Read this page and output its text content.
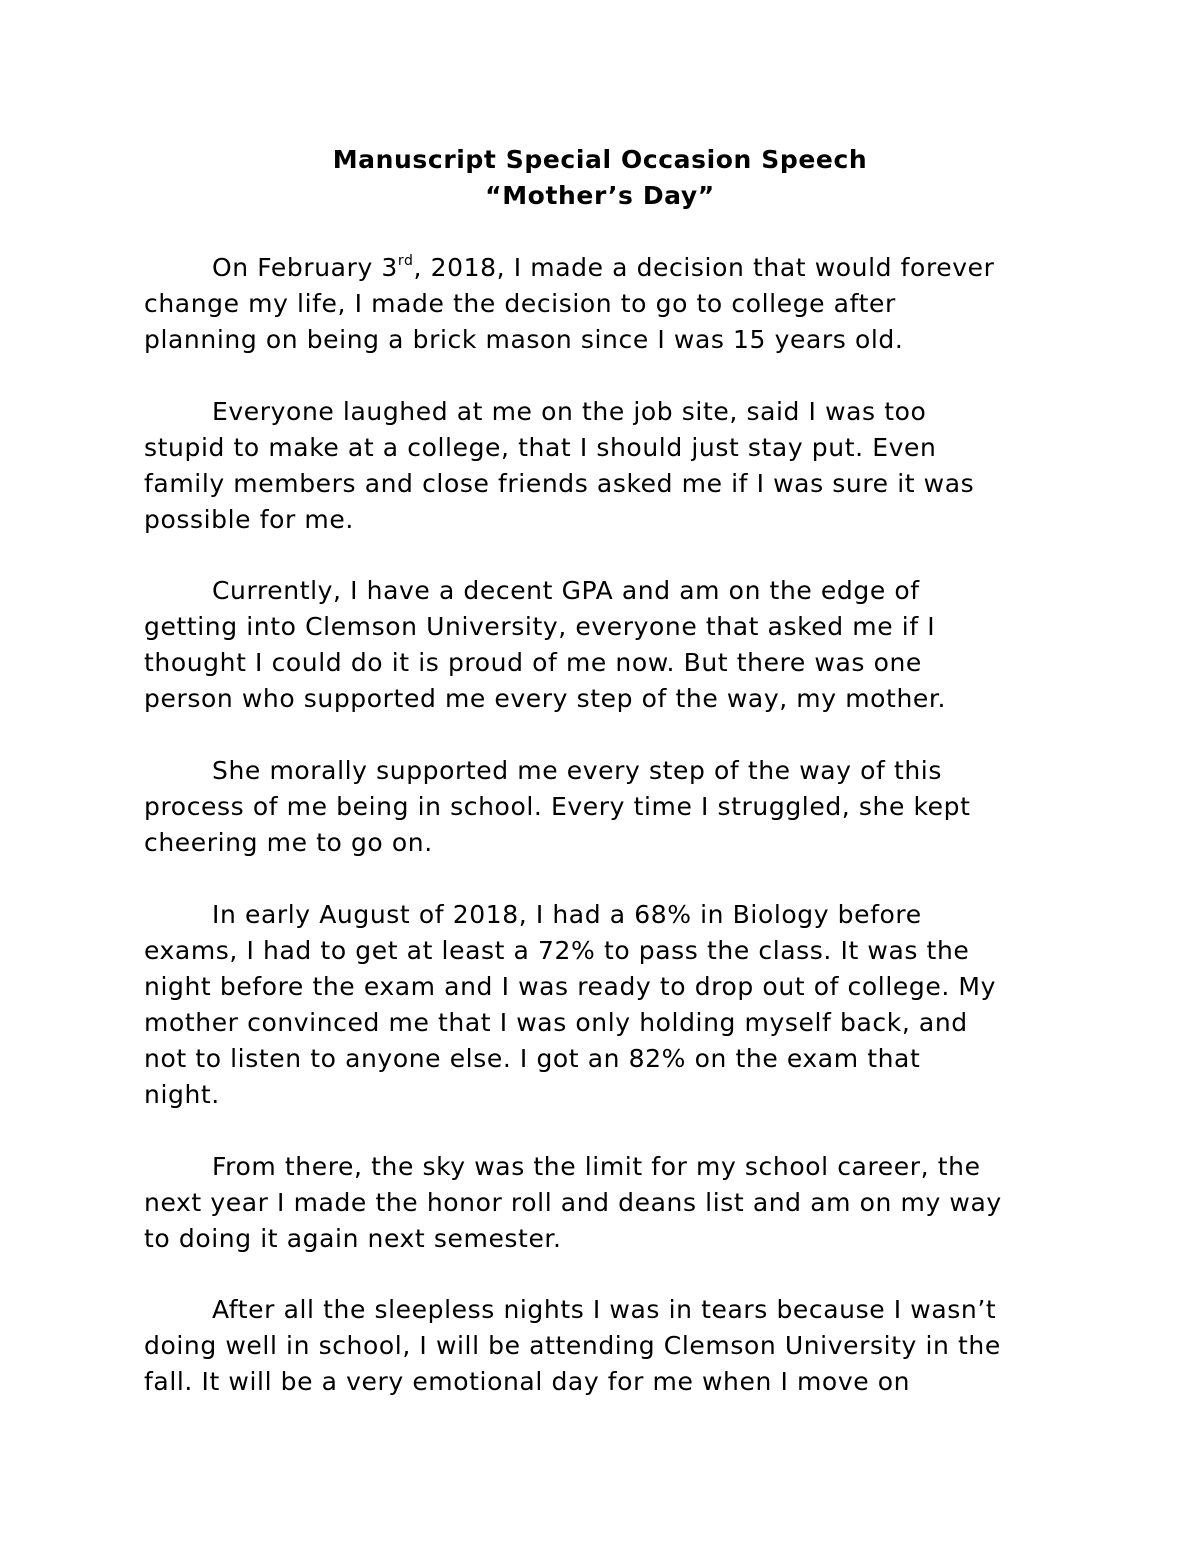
Manuscript Special Occasion Speech
“Mother’s Day”
On February 3rd, 2018, I made a decision that would forever
change my life, I made the decision to go to college after
planning on being a brick mason since I was 15 years old.
Everyone laughed at me on the job site, said I was too
stupid to make at a college, that I should just stay put. Even
family members and close friends asked me if I was sure it was
possible for me.
Currently, I have a decent GPA and am on the edge of
getting into Clemson University, everyone that asked me if I
thought I could do it is proud of me now. But there was one
person who supported me every step of the way, my mother.
She morally supported me every step of the way of this
process of me being in school. Every time I struggled, she kept
cheering me to go on.
In early August of 2018, I had a 68% in Biology before
exams, I had to get at least a 72% to pass the class. It was the
night before the exam and I was ready to drop out of college. My
mother convinced me that I was only holding myself back, and
not to listen to anyone else. I got an 82% on the exam that
night.
From there, the sky was the limit for my school career, the
next year I made the honor roll and deans list and am on my way
to doing it again next semester.
After all the sleepless nights I was in tears because I wasn’t
doing well in school, I will be attending Clemson University in the
fall. It will be a very emotional day for me when I move on
